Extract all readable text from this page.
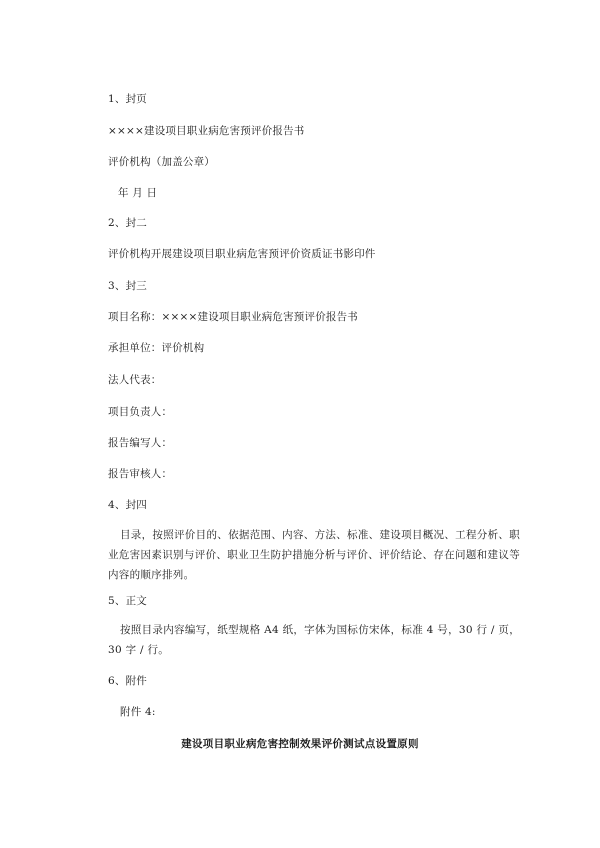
1、封页
××××建设项目职业病危害预评价报告书
评价机构（加盖公章）
年 月 日
2、封二
评价机构开展建设项目职业病危害预评价资质证书影印件
3、封三
项目名称：××××建设项目职业病危害预评价报告书
承担单位：评价机构
法人代表：
项目负责人：
报告编写人：
报告审核人：
4、封四
目录，按照评价目的、依据范围、内容、方法、标准、建设项目概况、工程分析、职业危害因素识别与评价、职业卫生防护措施分析与评价、评价结论、存在问题和建议等内容的顺序排列。
5、正文
按照目录内容编写，纸型规格 A4 纸，字体为国标仿宋体，标准 4 号，30 行 / 页，30 字 / 行。
6、附件
附件 4:
建设项目职业病危害控制效果评价测试点设置原则
